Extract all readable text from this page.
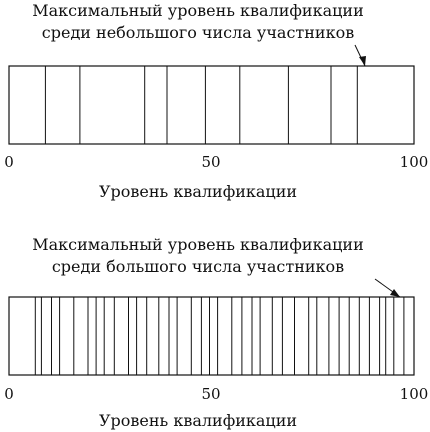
Максимальный уровень квалификации
среди небольшого числа участников
0	50	100
Уровень квалификации
Максимальный уровень квалификации
среди большого числа участников
0	50	100
Уровень квалификации
